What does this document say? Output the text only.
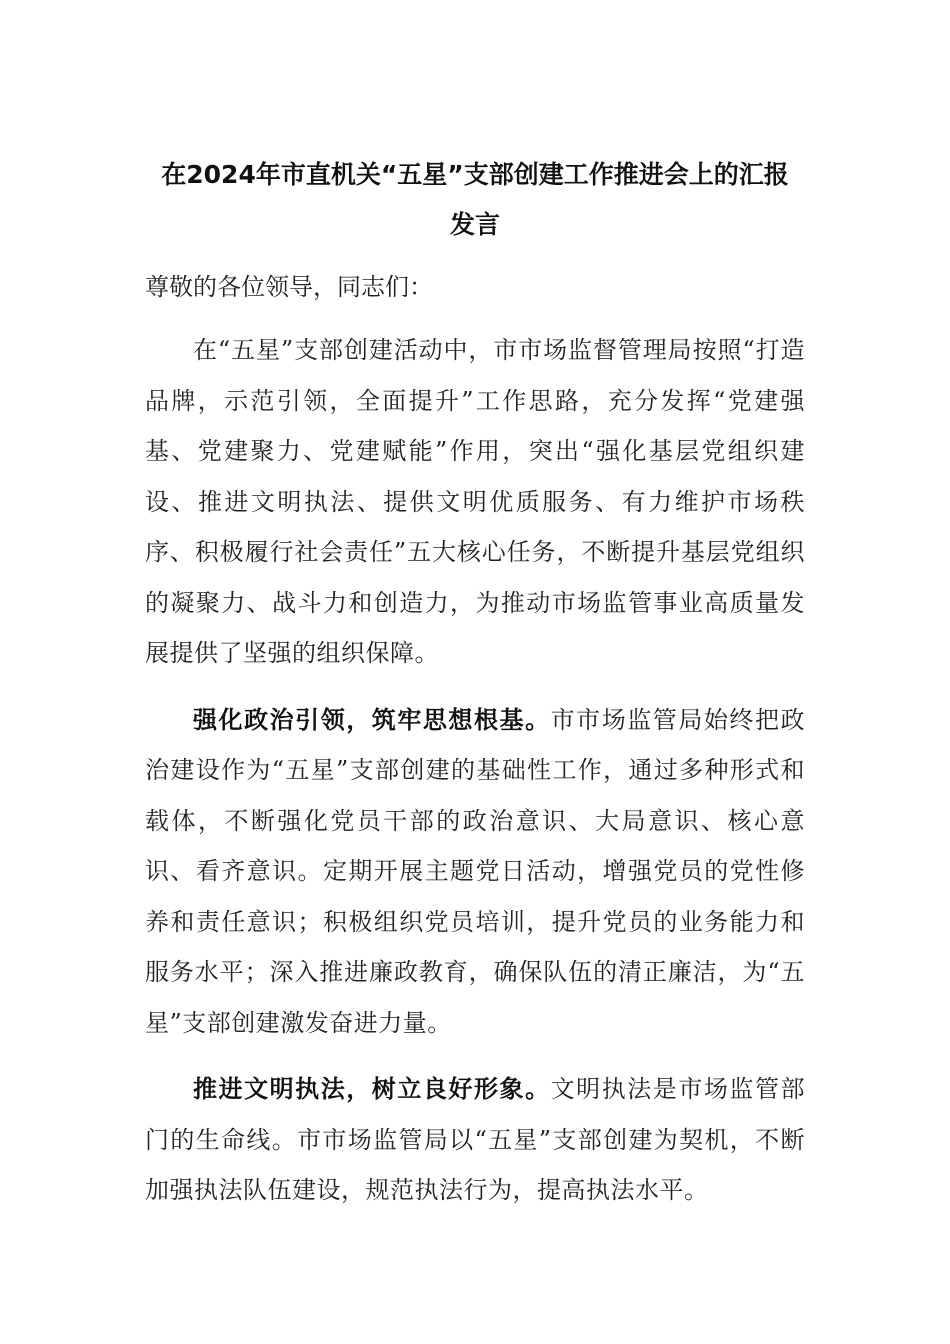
在2024年市直机关“五星”支部创建工作推进会上的汇报
发言

尊敬的各位领导，同志们：

在“五星”支部创建活动中，市市场监督管理局按照“打造品牌，示范引领，全面提升”工作思路，充分发挥“党建强基、党建聚力、党建赋能”作用，突出“强化基层党组织建设、推进文明执法、提供文明优质服务、有力维护市场秩序、积极履行社会责任”五大核心任务，不断提升基层党组织的凝聚力、战斗力和创造力，为推动市场监管事业高质量发展提供了坚强的组织保障。

强化政治引领，筑牢思想根基。市市场监管局始终把政治建设作为“五星”支部创建的基础性工作，通过多种形式和载体，不断强化党员干部的政治意识、大局意识、核心意识、看齐意识。定期开展主题党日活动，增强党员的党性修养和责任意识；积极组织党员培训，提升党员的业务能力和服务水平；深入推进廉政教育，确保队伍的清正廉洁，为“五星”支部创建激发奋进力量。

推进文明执法，树立良好形象。文明执法是市场监管部门的生命线。市市场监管局以“五星”支部创建为契机，不断加强执法队伍建设，规范执法行为，提高执法水平。
